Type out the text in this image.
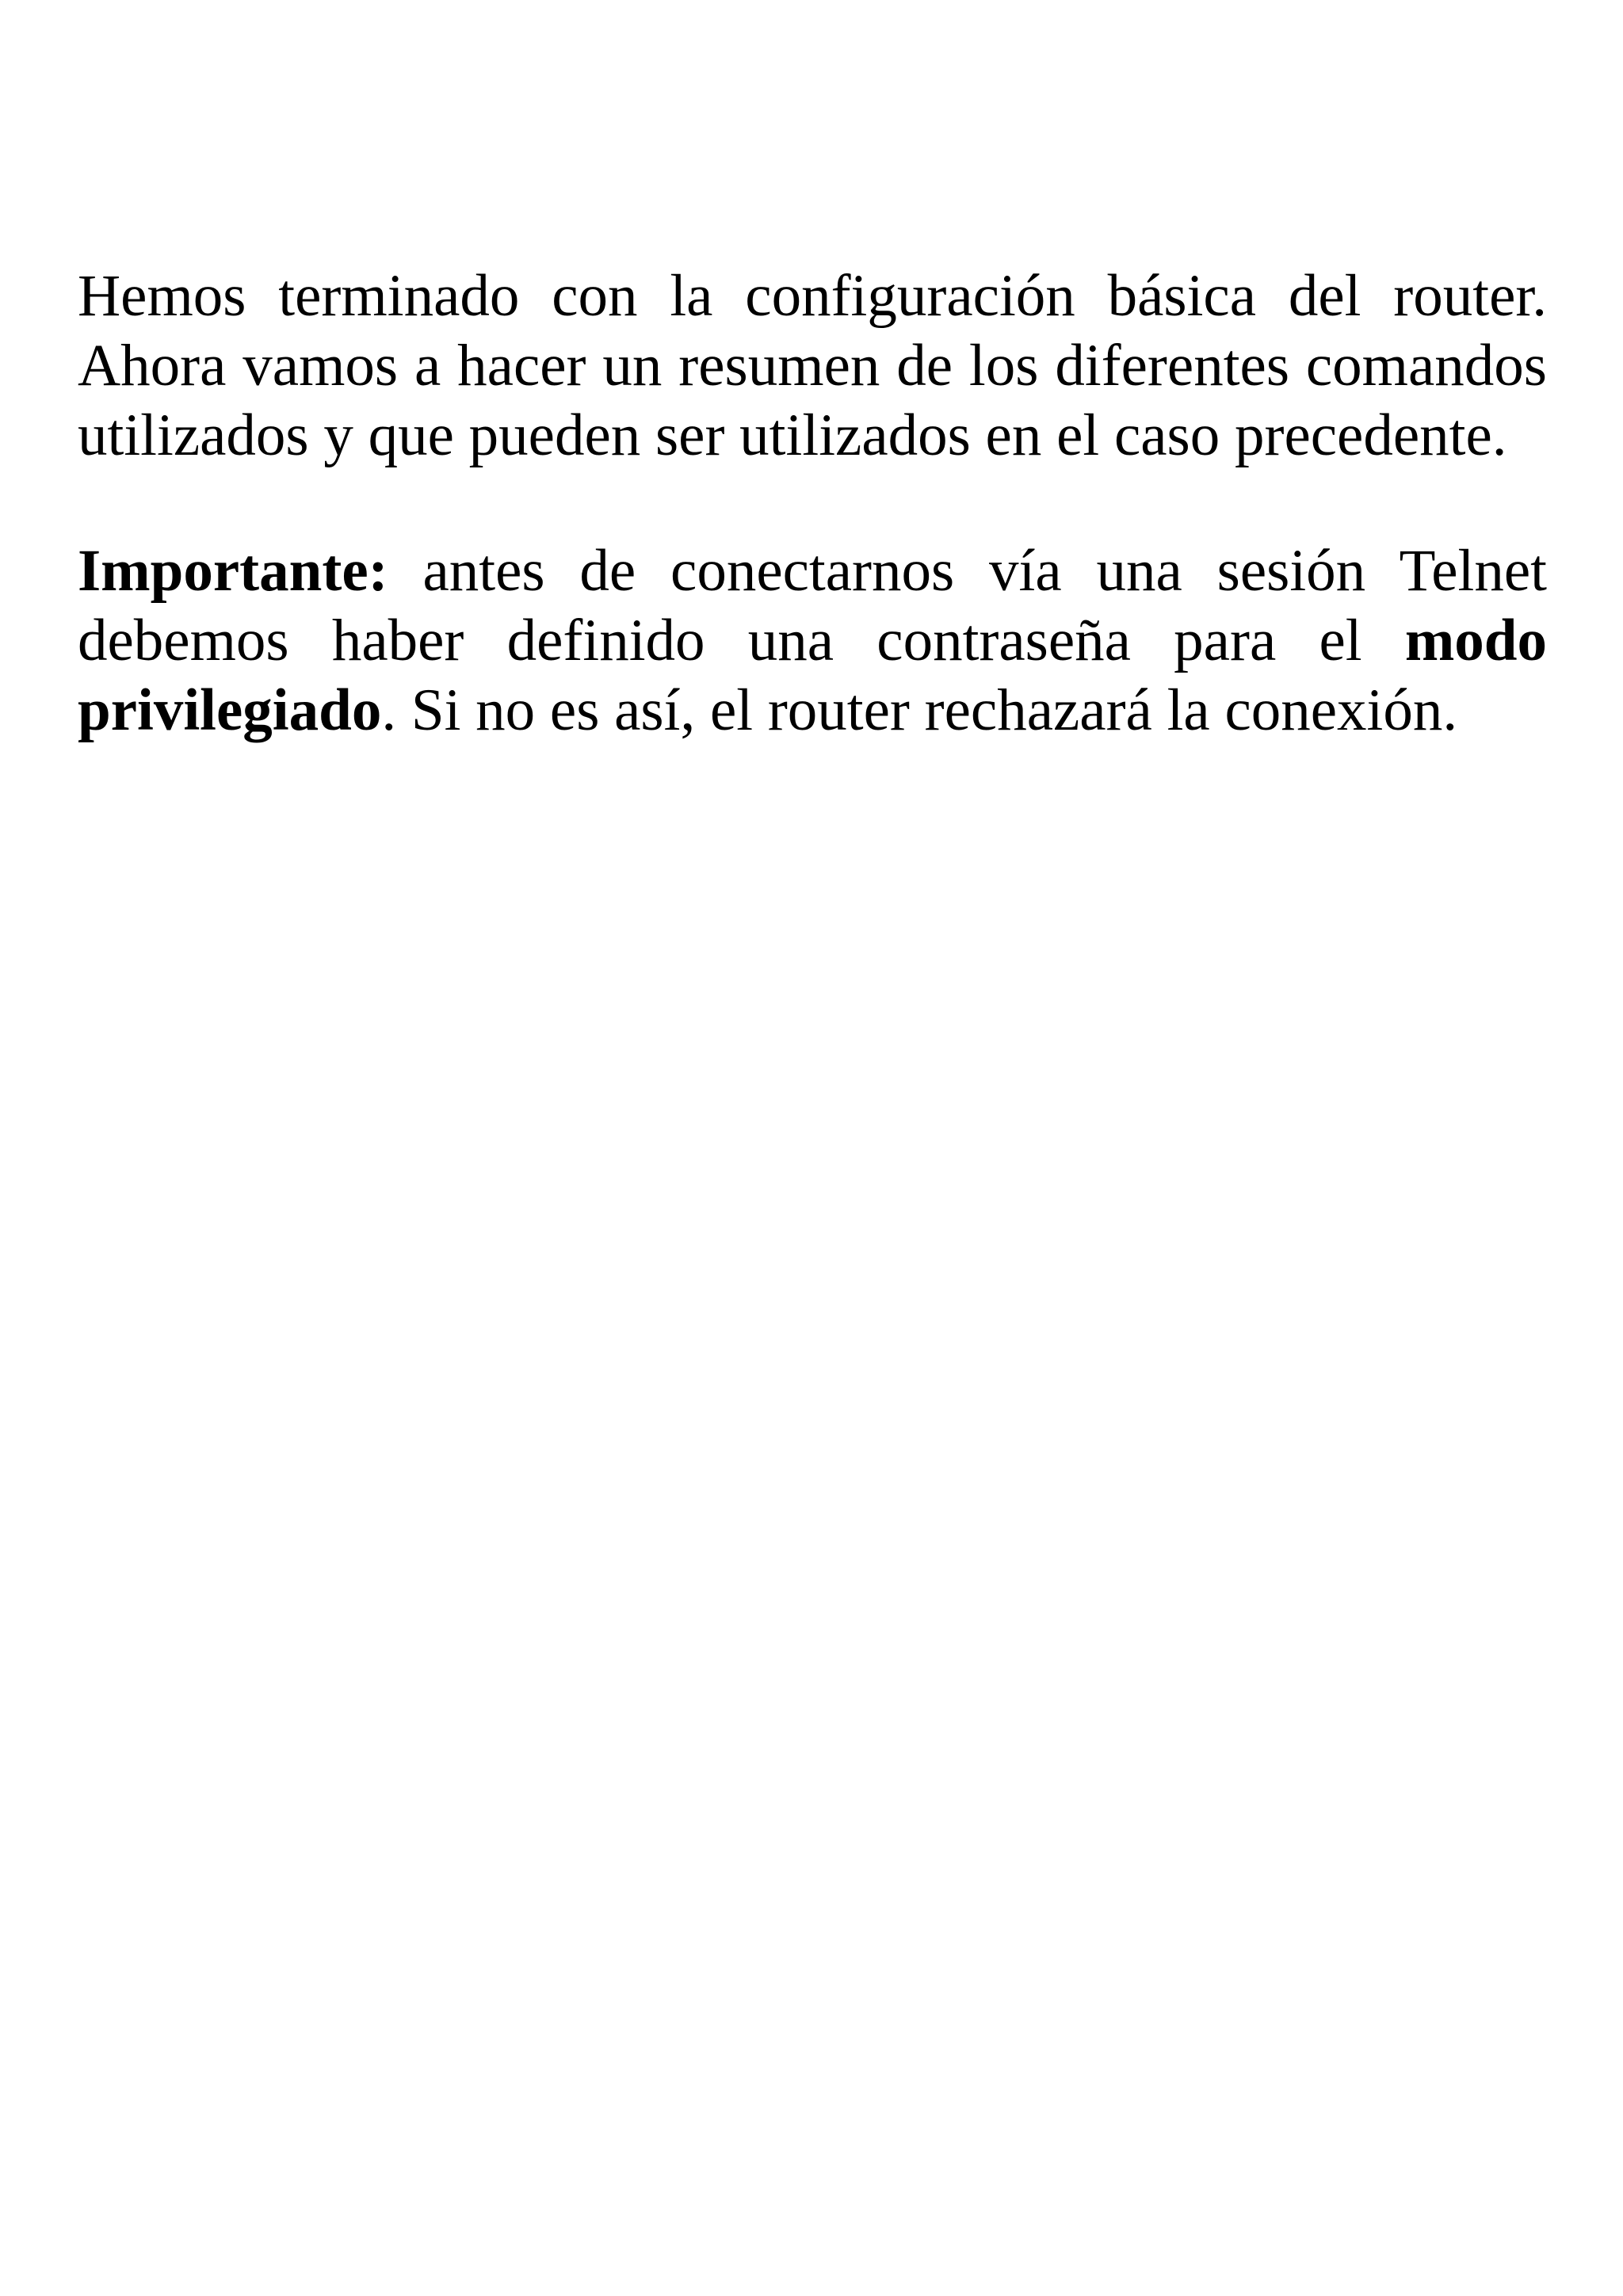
Hemos terminado con la configuración básica del router. Ahora vamos a hacer un resumen de los diferentes comandos utilizados y que pueden ser utilizados en el caso precedente.

Importante: antes de conectarnos vía una sesión Telnet debemos haber definido una contraseña para el modo privilegiado. Si no es así, el router rechazará la conexión.
